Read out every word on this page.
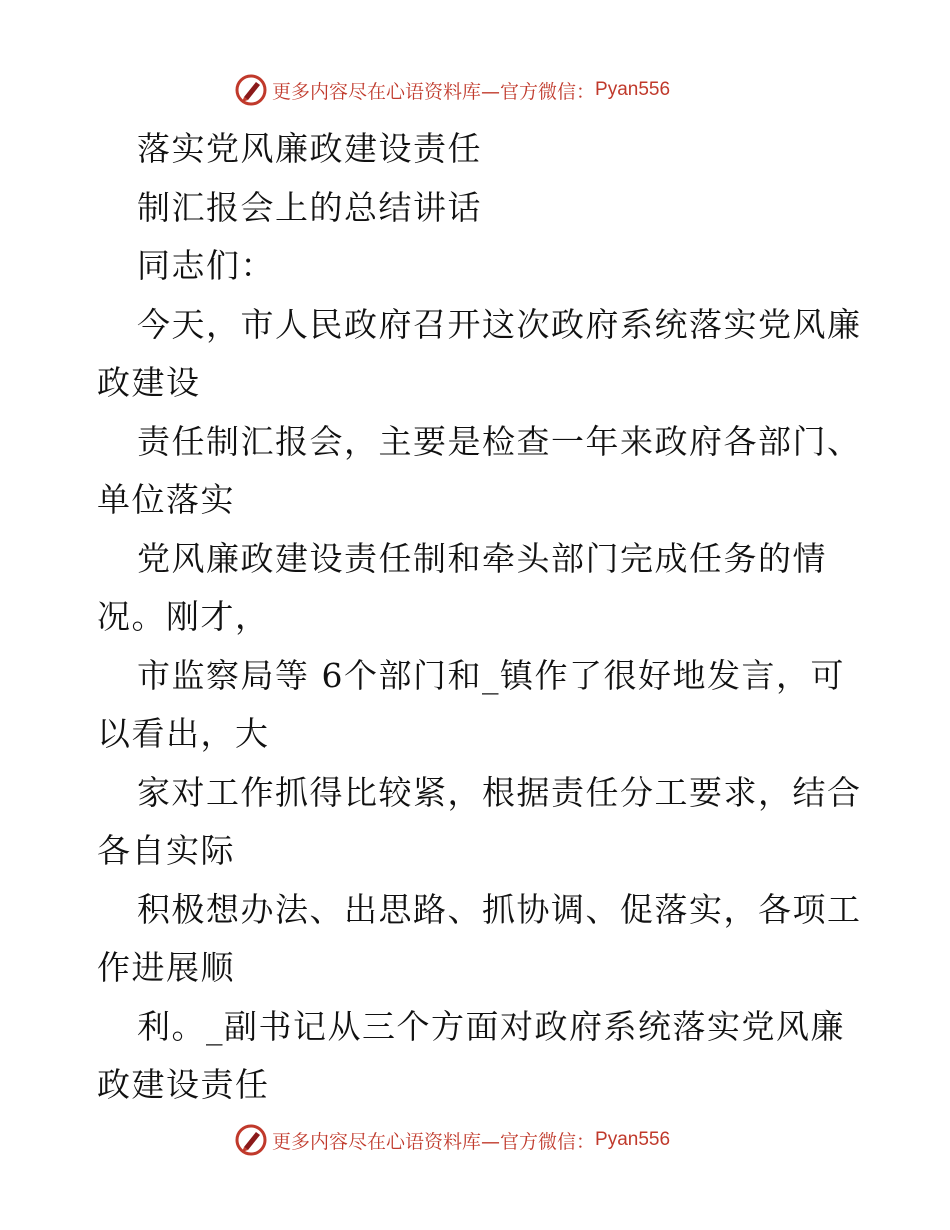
更多内容尽在心语资料库—官方微信： Pyan556
落实党风廉政建设责任
制汇报会上的总结讲话
同志们：
今天，市人民政府召开这次政府系统落实党风廉
政建设
责任制汇报会，主要是检查一年来政府各部门、
单位落实
党风廉政建设责任制和牵头部门完成任务的情
况。刚才，
市监察局等 6个部门和_镇作了很好地发言，可
以看出，大
家对工作抓得比较紧，根据责任分工要求，结合
各自实际
积极想办法、出思路、抓协调、促落实，各项工
作进展顺
利。_副书记从三个方面对政府系统落实党风廉
政建设责任
更多内容尽在心语资料库—官方微信： Pyan556
